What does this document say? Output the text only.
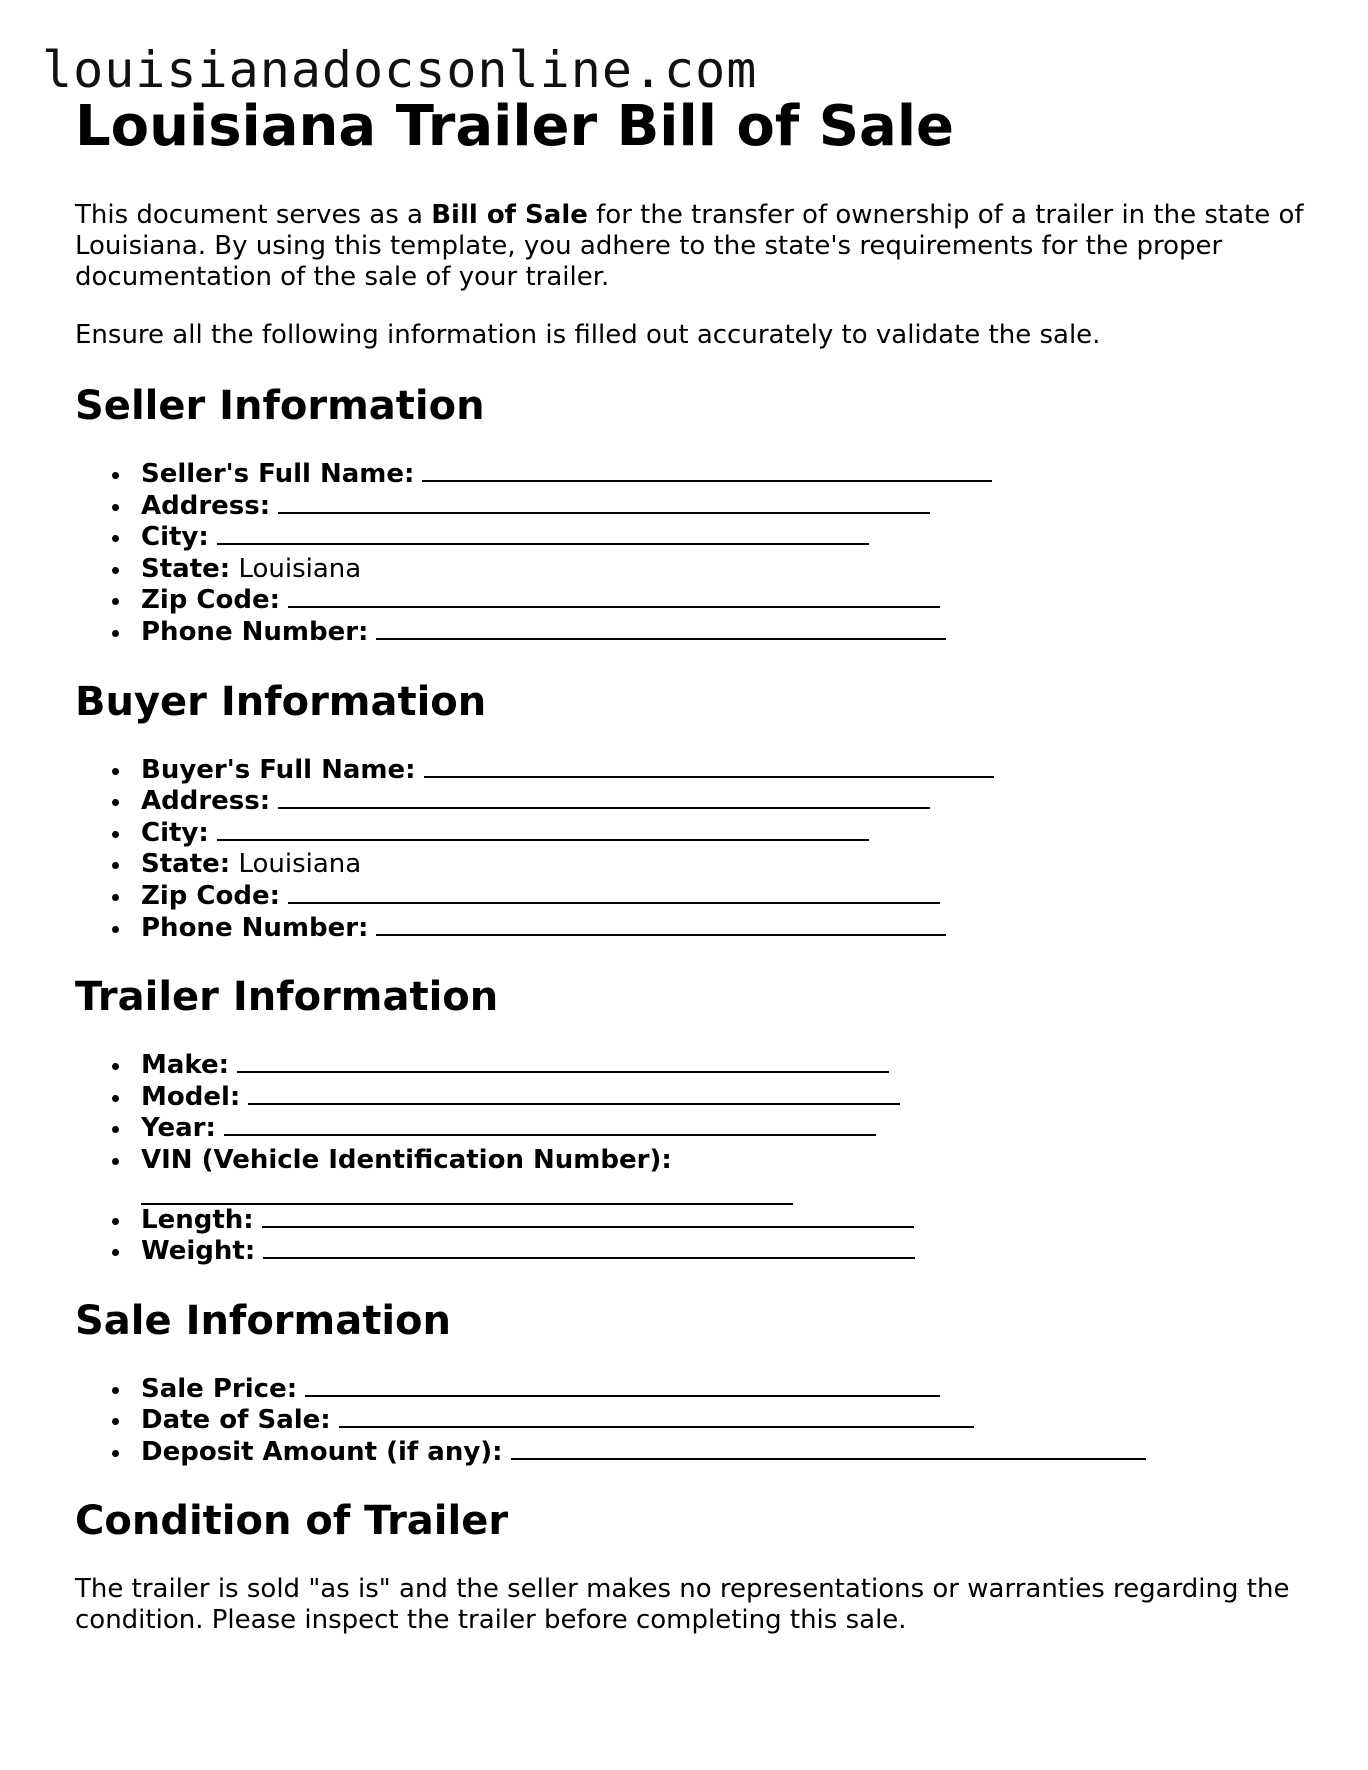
louisianadocsonline.com
Louisiana Trailer Bill of Sale

This document serves as a Bill of Sale for the transfer of ownership of a trailer in the state of Louisiana. By using this template, you adhere to the state's requirements for the proper documentation of the sale of your trailer.

Ensure all the following information is filled out accurately to validate the sale.

Seller Information
Seller's Full Name:
Address:
City:
State: Louisiana
Zip Code:
Phone Number:
Buyer Information
Buyer's Full Name:
Address:
City:
State: Louisiana
Zip Code:
Phone Number:
Trailer Information
Make:
Model:
Year:
VIN (Vehicle Identification Number):
Length:
Weight:
Sale Information
Sale Price:
Date of Sale:
Deposit Amount (if any):
Condition of Trailer

The trailer is sold "as is" and the seller makes no representations or warranties regarding the condition. Please inspect the trailer before completing this sale.
